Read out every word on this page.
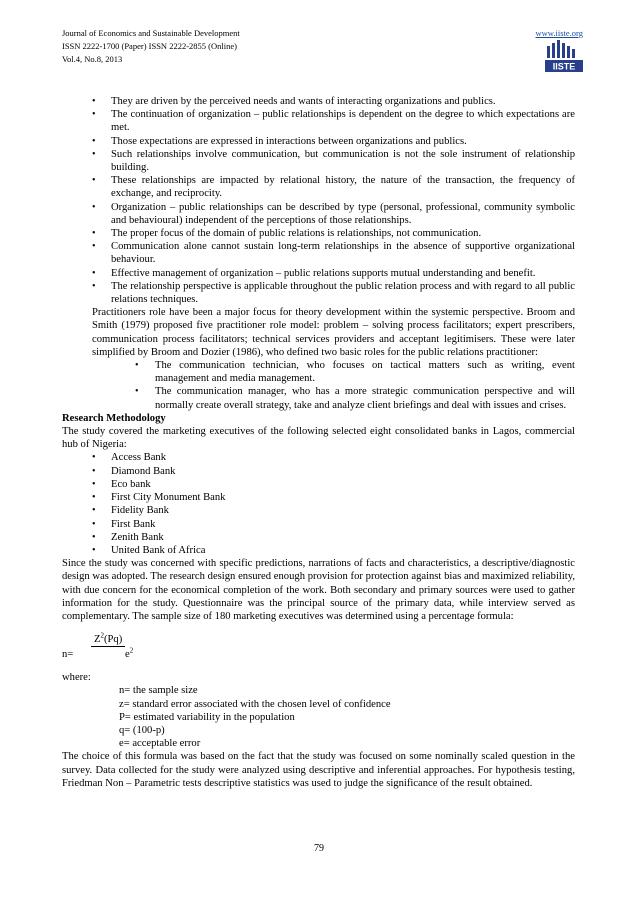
Journal of Economics and Sustainable Development
ISSN 2222-1700 (Paper) ISSN 2222-2855 (Online)
Vol.4, No.8, 2013
www.iiste.org
IISTE
• They are driven by the perceived needs and wants of interacting organizations and publics.
• The continuation of organization – public relationships is dependent on the degree to which expectations are met.
• Those expectations are expressed in interactions between organizations and publics.
• Such relationships involve communication, but communication is not the sole instrument of relationship building.
• These relationships are impacted by relational history, the nature of the transaction, the frequency of exchange, and reciprocity.
• Organization – public relationships can be described by type (personal, professional, community symbolic and behavioural) independent of the perceptions of those relationships.
• The proper focus of the domain of public relations is relationships, not communication.
• Communication alone cannot sustain long-term relationships in the absence of supportive organizational behaviour.
• Effective management of organization – public relations supports mutual understanding and benefit.
• The relationship perspective is applicable throughout the public relation process and with regard to all public relations techniques.
Practitioners role have been a major focus for theory development within the systemic perspective. Broom and Smith (1979) proposed five practitioner role model: problem – solving process facilitators; expert prescribers, communication process facilitators; technical services providers and acceptant legitimisers. These were later simplified by Broom and Dozier (1986), who defined two basic roles for the public relations practitioner:
• The communication technician, who focuses on tactical matters such as writing, event management and media management.
• The communication manager, who has a more strategic communication perspective and will normally create overall strategy, take and analyze client briefings and deal with issues and crises.
Research Methodology
The study covered the marketing executives of the following selected eight consolidated banks in Lagos, commercial hub of Nigeria:
• Access Bank
• Diamond Bank
• Eco bank
• First City Monument Bank
• Fidelity Bank
• First Bank
• Zenith Bank
• United Bank of Africa
Since the study was concerned with specific predictions, narrations of facts and characteristics, a descriptive/diagnostic design was adopted. The research design ensured enough provision for protection against bias and maximized reliability, with due concern for the economical completion of the work. Both secondary and primary sources were used to gather information for the study. Questionnaire was the principal source of the primary data, while interview served as complementary. The sample size of 180 marketing executives was determined using a percentage formula:
$Z^2(Pq)$
n=	$e^2$
where:
n= the sample size
z= standard error associated with the chosen level of confidence
P= estimated variability in the population
q= (100-p)
e= acceptable error
The choice of this formula was based on the fact that the study was focused on some nominally scaled question in the survey. Data collected for the study were analyzed using descriptive and inferential approaches. For hypothesis testing, Friedman Non – Parametric tests descriptive statistics was used to judge the significance of the result obtained.
79
